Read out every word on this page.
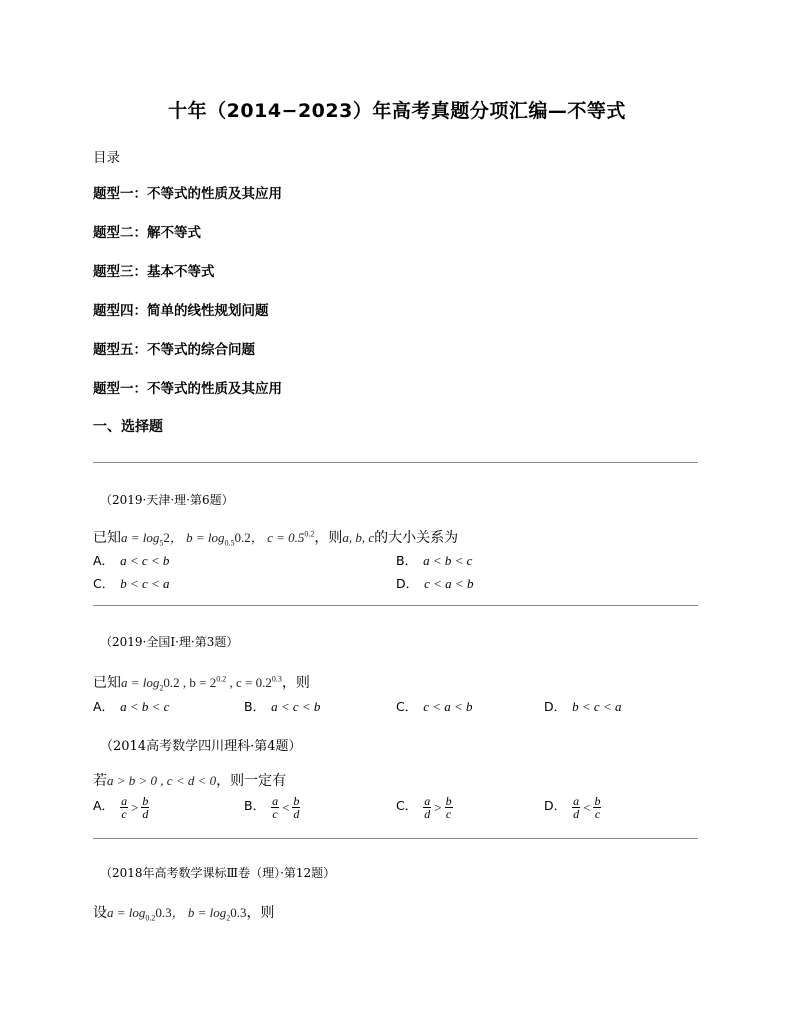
十年（2014−2023）年高考真题分项汇编—不等式
目录
题型一：不等式的性质及其应用
题型二：解不等式
题型三：基本不等式
题型四：简单的线性规划问题
题型五：不等式的综合问题
题型一：不等式的性质及其应用
一、选择题
（2019·天津·理·第6题）
已知$a = \log_52$， $b = \log_{0.5}0.2$， $c = 0.5^{0.2}$，则a, b, c的大小关系为
A． a < c < b	B． a < b < c
C． b < c < a	D． c < a < b
（2019·全国Ⅰ·理·第3题）
已知$a = \log_20.2$ , $b = 2^{0.2}$ , $c = 0.2^{0.3}$，则
A． a < b < c	B． a < c < b	C． c < a < b	D． b < c < a
（2014高考数学四川理科·第4题）
若a > b > 0 , c < d < 0，则一定有
A． $\frac{a}{c} > \frac{b}{d}$	B． $\frac{a}{c} < \frac{b}{d}$	C． $\frac{a}{d} > \frac{b}{c}$	D． $\frac{a}{d} < \frac{b}{c}$
（2018年高考数学课标Ⅲ卷（理）·第12题）
设$a = \log_{0.2}0.3$， $b = \log_20.3$，则
